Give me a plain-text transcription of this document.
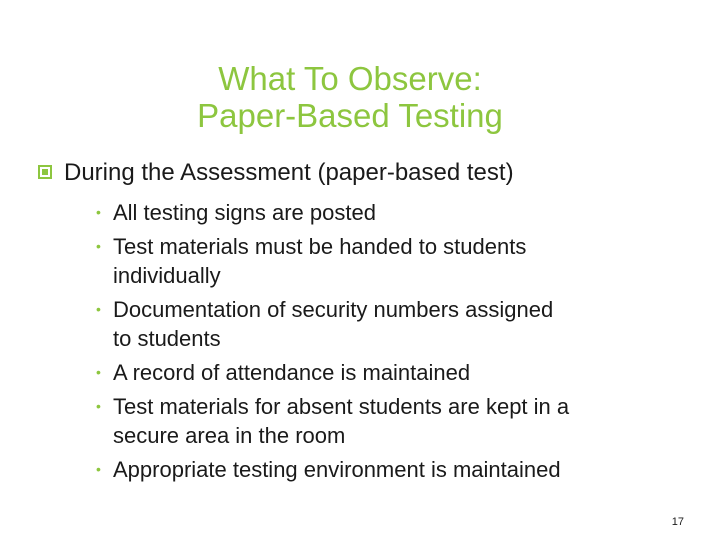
What To Observe:
Paper-Based Testing
During the Assessment (paper-based test)
• All testing signs are posted
• Test materials must be handed to students
individually
• Documentation of security numbers assigned
to students
• A record of attendance is maintained
• Test materials for absent students are kept in a
secure area in the room
• Appropriate testing environment is maintained
17
